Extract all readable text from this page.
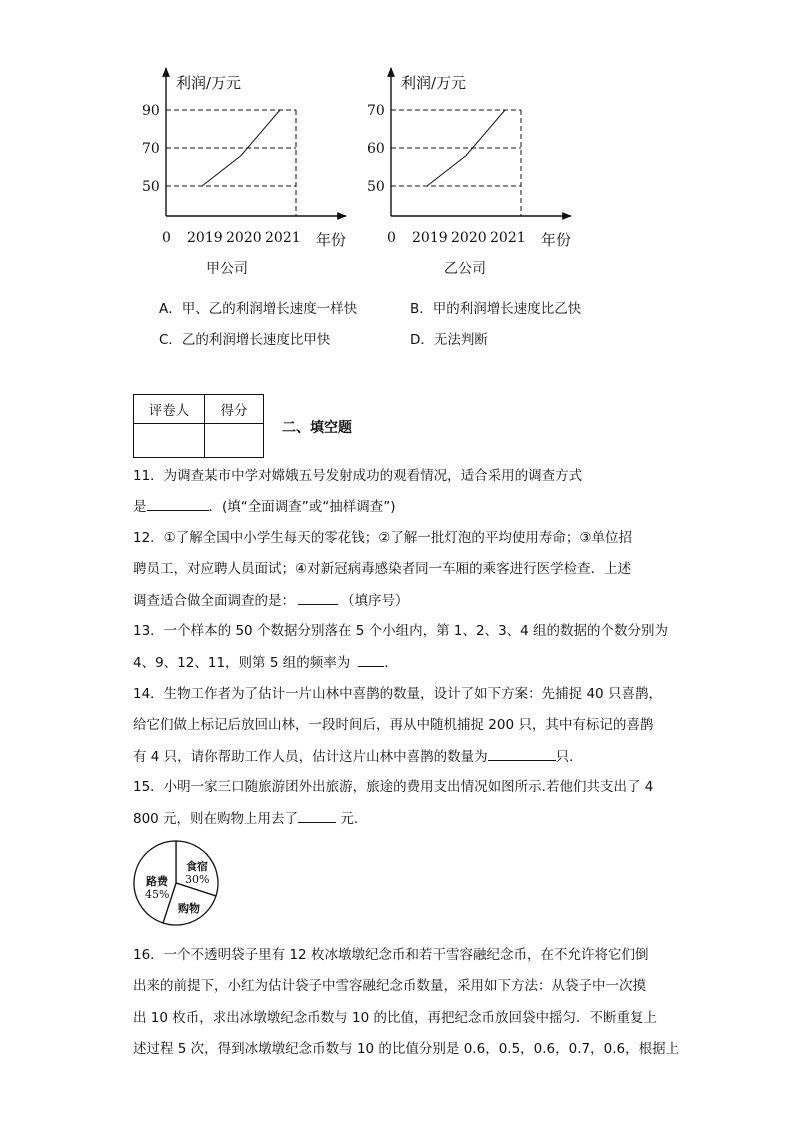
利润/万元
年份
0
50
70
90
2019 2020 2021
甲公司
利润/万元
年份
0
50
60
70
2019 2020 2021
乙公司
A．甲、乙的利润增长速度一样快	B．甲的利润增长速度比乙快
C．乙的利润增长速度比甲快	D．无法判断
评卷人	得分

二、填空题
11．为调查某市中学对嫦娥五号发射成功的观看情况，适合采用的调查方式
是	．(填“全面调查”或“抽样调查”)
12．①了解全国中小学生每天的零花钱；②了解一批灯泡的平均使用寿命；③单位招
聘员工，对应聘人员面试；④对新冠病毒感染者同一车厢的乘客进行医学检查．上述
调查适合做全面调查的是：	（填序号）
13．一个样本的 50 个数据分别落在 5 个小组内，第 1、2、3、4 组的数据的个数分别为
4、9、12、11，则第 5 组的频率为	．
14．生物工作者为了估计一片山林中喜鹊的数量，设计了如下方案：先捕捉 40 只喜鹊，
给它们做上标记后放回山林，一段时间后，再从中随机捕捉 200 只，其中有标记的喜鹊
有 4 只，请你帮助工作人员，估计这片山林中喜鹊的数量为	只．
15．小明一家三口随旅游团外出旅游，旅途的费用支出情况如图所示.若他们共支出了 4
800 元，则在购物上用去了	元.
食宿
30%
路费
45%
购物
16．一个不透明袋子里有 12 枚冰墩墩纪念币和若干雪容融纪念币，在不允许将它们倒
出来的前提下，小红为估计袋子中雪容融纪念币数量，采用如下方法：从袋子中一次摸
出 10 枚币，求出冰墩墩纪念币数与 10 的比值，再把纪念币放回袋中摇匀．不断重复上
述过程 5 次，得到冰墩墩纪念币数与 10 的比值分别是 0.6，0.5，0.6，0.7，0.6，根据上
